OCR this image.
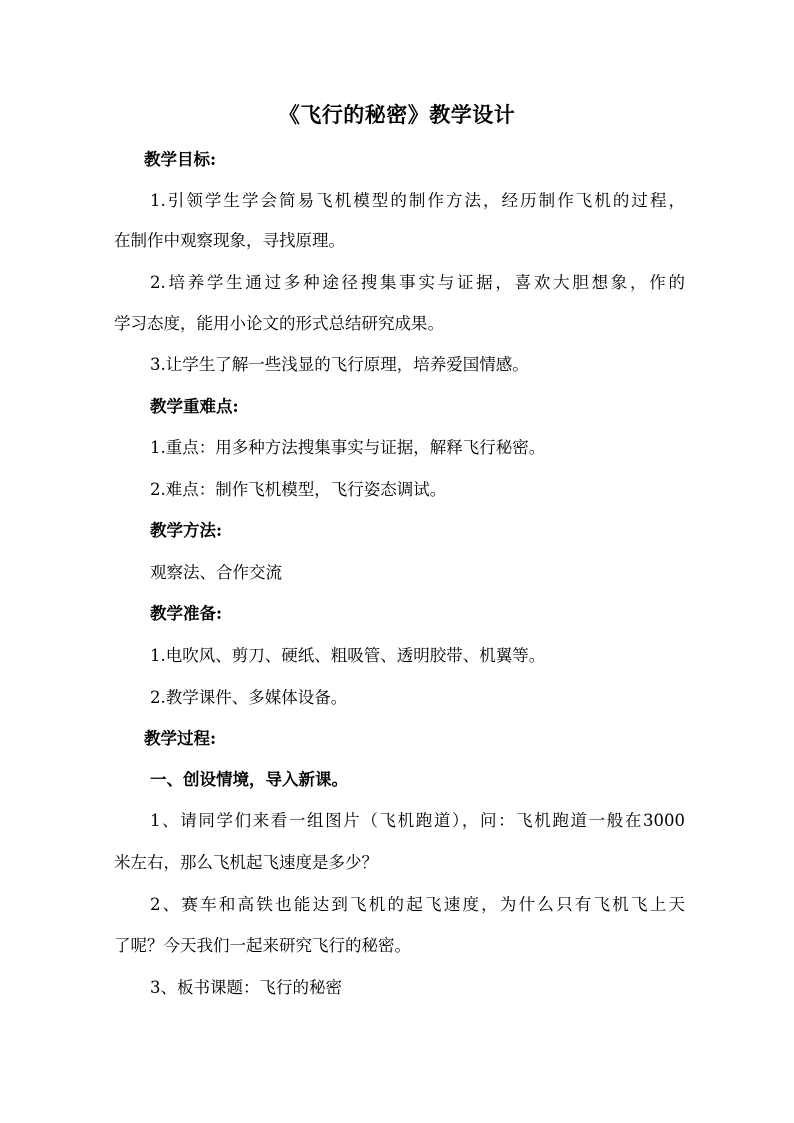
《飞行的秘密》教学设计
教学目标:
1.引领学生学会简易飞机模型的制作方法，经历制作飞机的过程，
在制作中观察现象，寻找原理。
2.培养学生通过多种途径搜集事实与证据，喜欢大胆想象，作的
学习态度，能用小论文的形式总结研究成果。
3.让学生了解一些浅显的飞行原理，培养爱国情感。
教学重难点:
1.重点：用多种方法搜集事实与证据，解释飞行秘密。
2.难点：制作飞机模型，飞行姿态调试。
教学方法:
观察法、合作交流
教学准备:
1.电吹风、剪刀、硬纸、粗吸管、透明胶带、机翼等。
2.教学课件、多媒体设备。
教学过程:
一、创设情境，导入新课。
1、请同学们来看一组图片（飞机跑道），问：飞机跑道一般在3000
米左右，那么飞机起飞速度是多少？
2、赛车和高铁也能达到飞机的起飞速度，为什么只有飞机飞上天
了呢？今天我们一起来研究飞行的秘密。
3、板书课题：飞行的秘密
